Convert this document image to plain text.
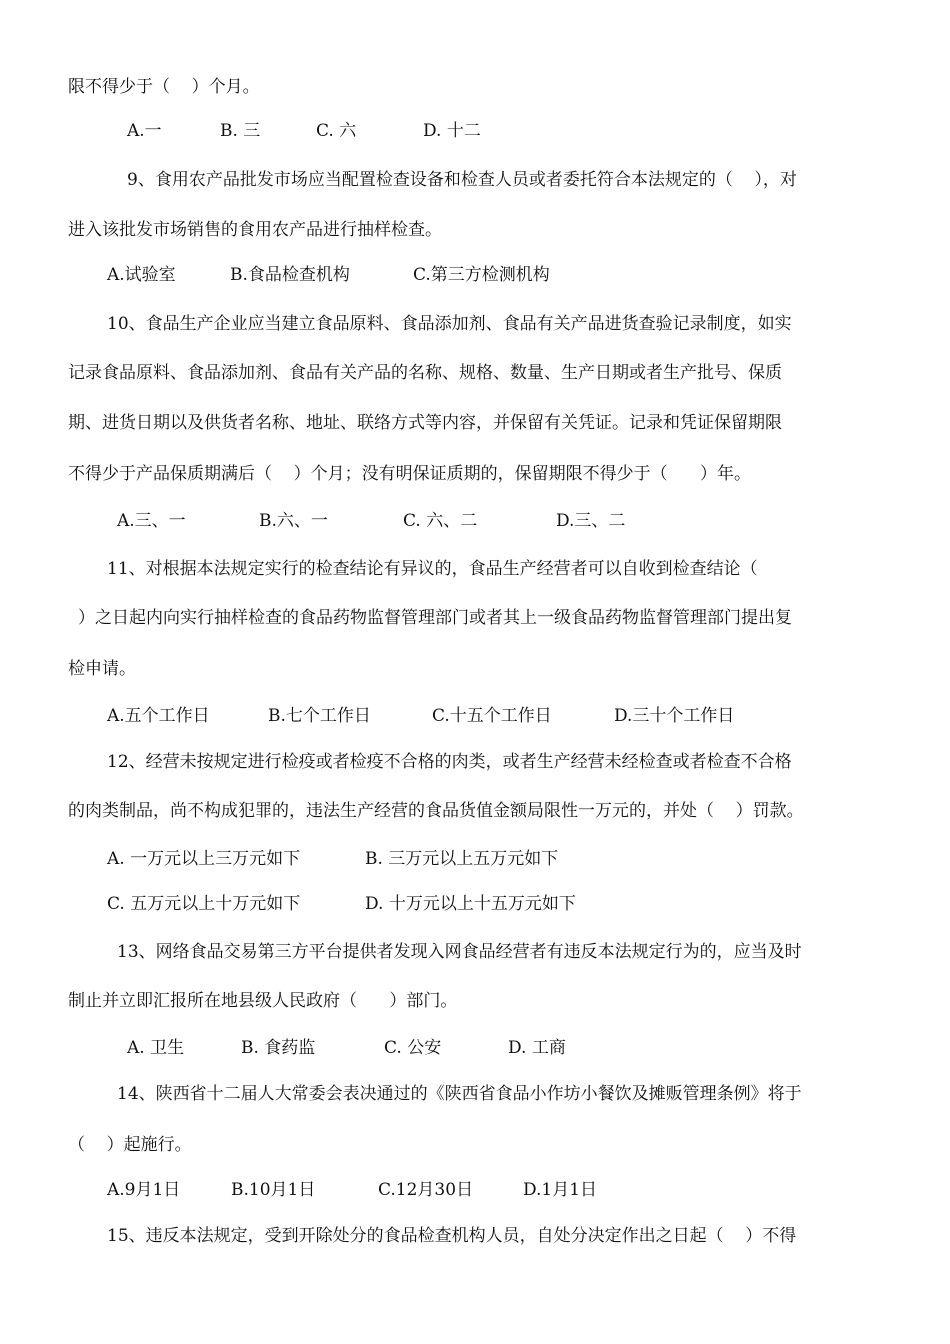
限不得少于（    ）个月。
A.一	B. 三	C. 六	D. 十二
9、食用农产品批发市场应当配置检查设备和检查人员或者委托符合本法规定的（    ），对
进入该批发市场销售的食用农产品进行抽样检查。
A.试验室	B.食品检查机构	C.第三方检测机构
10、食品生产企业应当建立食品原料、食品添加剂、食品有关产品进货查验记录制度，如实
记录食品原料、食品添加剂、食品有关产品的名称、规格、数量、生产日期或者生产批号、保质
期、进货日期以及供货者名称、地址、联络方式等内容，并保留有关凭证。记录和凭证保留期限
不得少于产品保质期满后（    ）个月；没有明保证质期的，保留期限不得少于（      ）年。
A.三、一	B.六、一	C. 六、二	D.三、二
11、对根据本法规定实行的检查结论有异议的，食品生产经营者可以自收到检查结论（
）之日起内向实行抽样检查的食品药物监督管理部门或者其上一级食品药物监督管理部门提出复
检申请。
A.五个工作日	B.七个工作日	C.十五个工作日	D.三十个工作日
12、经营未按规定进行检疫或者检疫不合格的肉类，或者生产经营未经检查或者检查不合格
的肉类制品，尚不构成犯罪的，违法生产经营的食品货值金额局限性一万元的，并处（    ）罚款。
A. 一万元以上三万元如下	B. 三万元以上五万元如下
C. 五万元以上十万元如下	D. 十万元以上十五万元如下
13、网络食品交易第三方平台提供者发现入网食品经营者有违反本法规定行为的，应当及时
制止并立即汇报所在地县级人民政府（      ）部门。
A. 卫生	B. 食药监	C. 公安	D. 工商
14、陕西省十二届人大常委会表决通过的《陕西省食品小作坊小餐饮及摊贩管理条例》将于
（    ）起施行。
A.9月1日	B.10月1日	C.12月30日	D.1月1日
15、违反本法规定，受到开除处分的食品检查机构人员，自处分决定作出之日起（    ）不得
